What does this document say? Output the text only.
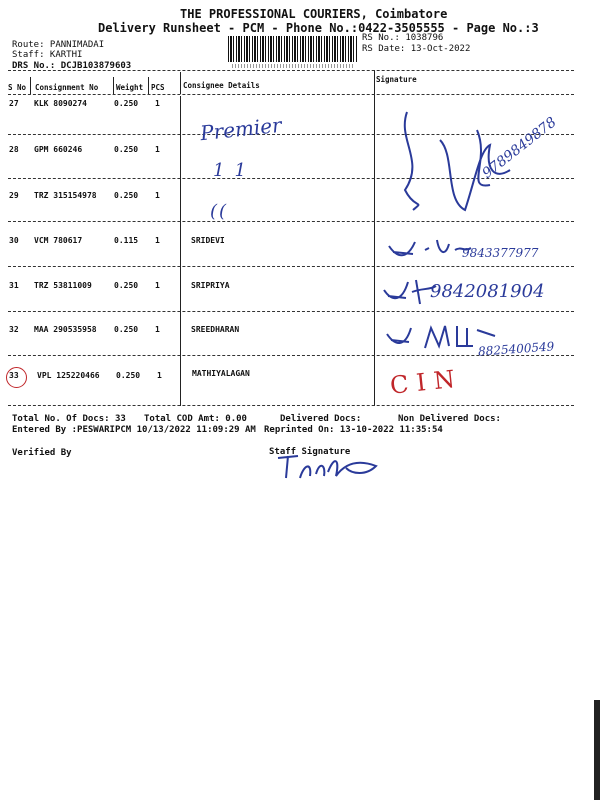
THE PROFESSIONAL COURIERS, Coimbatore
Delivery Runsheet - PCM - Phone No.:0422-3505555 - Page No.:3
Route: PANNIMADAI
Staff: KARTHI
DRS No.: DCJB103879603
RS No.: 1038796
RS Date: 13-Oct-2022
S No Consignment No Weight PCS Consignee Details
Signature
27 KLK 8090274	0.250 1
28 GPM 660246	0.250 1
29 TRZ 315154978 0.250 1
30 VCM 780617	0.115 1	SRIDEVI
31 TRZ 53811009	0.250 1	SRIPRIYA
32 MAA 290535958 0.250 1	SREEDHARAN
33 VPL 125220466 0.250 1	MATHIYALAGAN
Premier
11
((
9789849878
9843377977
9842081904
8825400549
CIN
Total No. Of Docs: 33 Total COD Amt: 0.00	Delivered Docs:	Non Delivered Docs:
Entered By :PESWARIPCM 10/13/2022 11:09:29 AM Reprinted On: 13-10-2022 11:35:54
Verified By	Staff Signature
